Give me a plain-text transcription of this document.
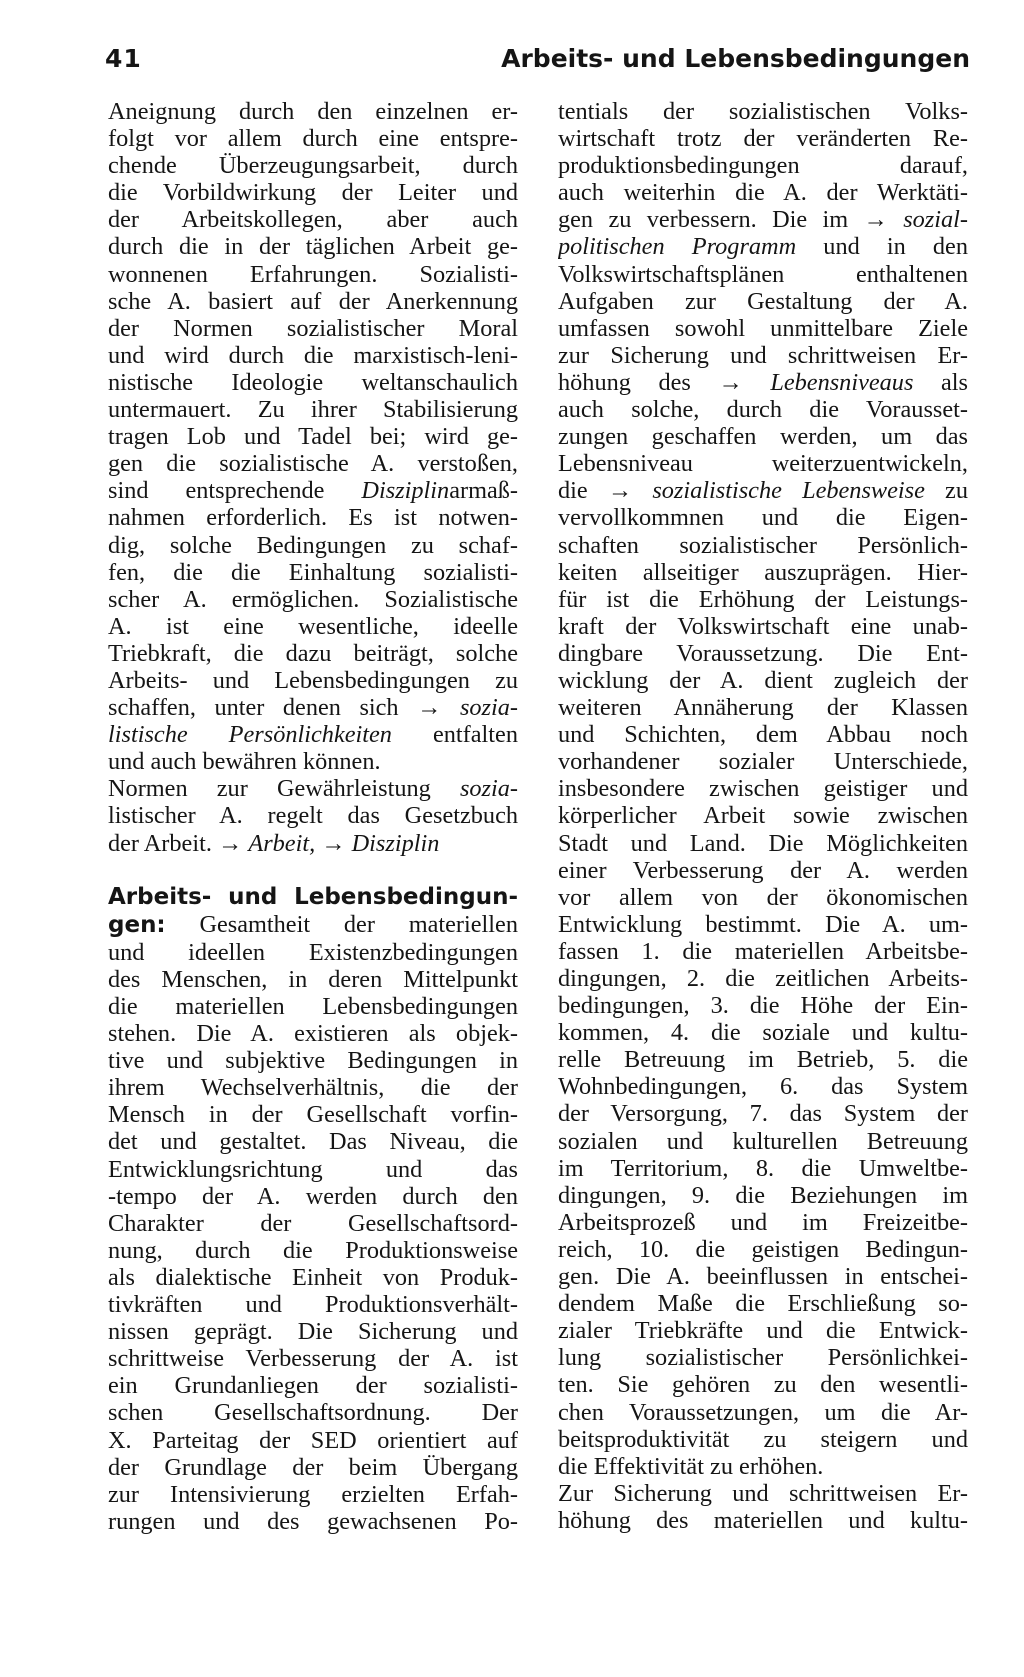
41	Arbeits- und Lebensbedingungen
Aneignung durch den einzelnen er-
folgt vor allem durch eine entspre-
chende Überzeugungsarbeit, durch
die Vorbildwirkung der Leiter und
der Arbeitskollegen, aber auch
durch die in der täglichen Arbeit ge-
wonnenen Erfahrungen. Sozialisti-
sche A. basiert auf der Anerkennung
der Normen sozialistischer Moral
und wird durch die marxistisch-leni-
nistische Ideologie weltanschaulich
untermauert. Zu ihrer Stabilisierung
tragen Lob und Tadel bei; wird ge-
gen die sozialistische A. verstoßen,
sind entsprechende Disziplinarmaß-
nahmen erforderlich. Es ist notwen-
dig, solche Bedingungen zu schaf-
fen, die die Einhaltung sozialisti-
scher A. ermöglichen. Sozialistische
A. ist eine wesentliche, ideelle
Triebkraft, die dazu beiträgt, solche
Arbeits- und Lebensbedingungen zu
schaffen, unter denen sich → sozia-
listische Persönlichkeiten entfalten
und auch bewähren können.
Normen zur Gewährleistung sozia-
listischer A. regelt das Gesetzbuch
der Arbeit. → Arbeit, → Disziplin
Arbeits- und Lebensbedingun-
gen: Gesamtheit der materiellen
und ideellen Existenzbedingungen
des Menschen, in deren Mittelpunkt
die materiellen Lebensbedingungen
stehen. Die A. existieren als objek-
tive und subjektive Bedingungen in
ihrem Wechselverhältnis, die der
Mensch in der Gesellschaft vorfin-
det und gestaltet. Das Niveau, die
Entwicklungsrichtung und das
-tempo der A. werden durch den
Charakter der Gesellschaftsord-
nung, durch die Produktionsweise
als dialektische Einheit von Produk-
tivkräften und Produktionsverhält-
nissen geprägt. Die Sicherung und
schrittweise Verbesserung der A. ist
ein Grundanliegen der sozialisti-
schen Gesellschaftsordnung. Der
X. Parteitag der SED orientiert auf
der Grundlage der beim Übergang
zur Intensivierung erzielten Erfah-
rungen und des gewachsenen Po-
tentials der sozialistischen Volks-
wirtschaft trotz der veränderten Re-
produktionsbedingungen darauf,
auch weiterhin die A. der Werktäti-
gen zu verbessern. Die im → sozial-
politischen Programm und in den
Volkswirtschaftsplänen enthaltenen
Aufgaben zur Gestaltung der A.
umfassen sowohl unmittelbare Ziele
zur Sicherung und schrittweisen Er-
höhung des → Lebensniveaus als
auch solche, durch die Vorausset-
zungen geschaffen werden, um das
Lebensniveau weiterzuentwickeln,
die → sozialistische Lebensweise zu
vervollkommnen und die Eigen-
schaften sozialistischer Persönlich-
keiten allseitiger auszuprägen. Hier-
für ist die Erhöhung der Leistungs-
kraft der Volkswirtschaft eine unab-
dingbare Voraussetzung. Die Ent-
wicklung der A. dient zugleich der
weiteren Annäherung der Klassen
und Schichten, dem Abbau noch
vorhandener sozialer Unterschiede,
insbesondere zwischen geistiger und
körperlicher Arbeit sowie zwischen
Stadt und Land. Die Möglichkeiten
einer Verbesserung der A. werden
vor allem von der ökonomischen
Entwicklung bestimmt. Die A. um-
fassen 1. die materiellen Arbeitsbe-
dingungen, 2. die zeitlichen Arbeits-
bedingungen, 3. die Höhe der Ein-
kommen, 4. die soziale und kultu-
relle Betreuung im Betrieb, 5. die
Wohnbedingungen, 6. das System
der Versorgung, 7. das System der
sozialen und kulturellen Betreuung
im Territorium, 8. die Umweltbe-
dingungen, 9. die Beziehungen im
Arbeitsprozeß und im Freizeitbe-
reich, 10. die geistigen Bedingun-
gen. Die A. beeinflussen in entschei-
dendem Maße die Erschließung so-
zialer Triebkräfte und die Entwick-
lung sozialistischer Persönlichkei-
ten. Sie gehören zu den wesentli-
chen Voraussetzungen, um die Ar-
beitsproduktivität zu steigern und
die Effektivität zu erhöhen.
Zur Sicherung und schrittweisen Er-
höhung des materiellen und kultu-
